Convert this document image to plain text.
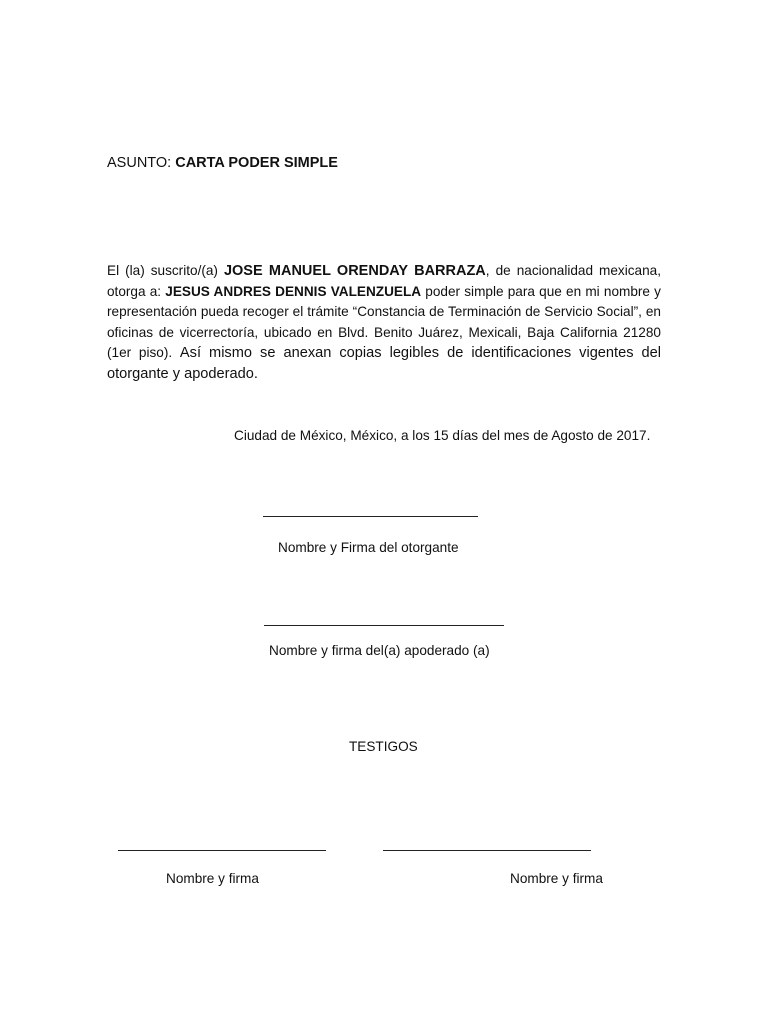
ASUNTO: CARTA PODER SIMPLE
El (la) suscrito/(a) JOSE MANUEL ORENDAY BARRAZA, de nacionalidad mexicana, otorga a: JESUS ANDRES DENNIS VALENZUELA poder simple para que en mi nombre y representación pueda recoger el trámite “Constancia de Terminación de Servicio Social”, en oficinas de vicerrectoría, ubicado en Blvd. Benito Juárez, Mexicali, Baja California 21280 (1er piso). Así mismo se anexan copias legibles de identificaciones vigentes del otorgante y apoderado.
Ciudad de México, México, a los 15 días del mes de Agosto de 2017.
Nombre y Firma del otorgante
Nombre y firma del(a) apoderado (a)
TESTIGOS
Nombre y firma	Nombre y firma
